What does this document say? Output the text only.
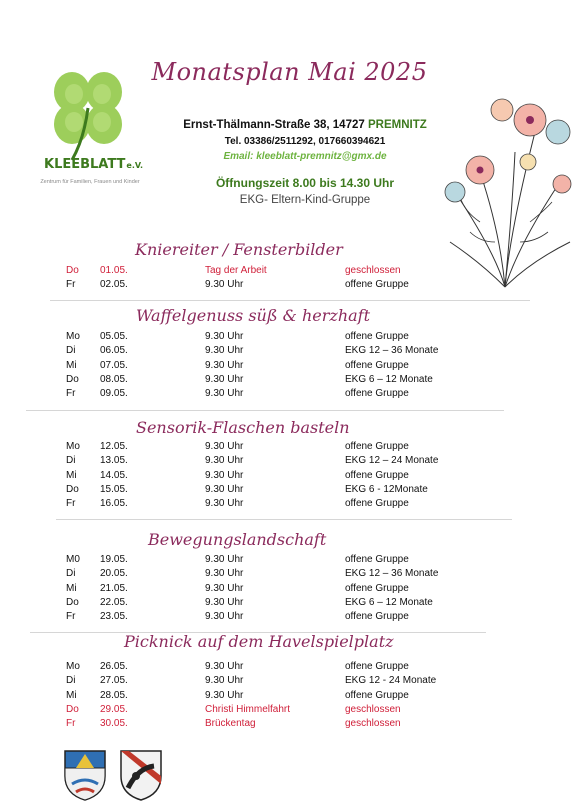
KLEEBLATTe.V.
Zentrum für Familien, Frauen und Kinder
Monatsplan Mai 2025
Ernst-Thälmann-Straße 38, 14727 PREMNITZ
Tel. 03386/2511292, 017660394621
Email: kleeblatt-premnitz@gmx.de
Öffnungszeit 8.00 bis 14.30 Uhr
EKG- Eltern-Kind-Gruppe
Kniereiter / Fensterbilder
Do 01.05.	Tag der Arbeit	geschlossen
Fr 02.05.	9.30 Uhr	offene Gruppe
Waffelgenuss süß & herzhaft
Mo 05.05.	9.30 Uhr	offene Gruppe
Di 06.05.	9.30 Uhr	EKG 12 – 36 Monate
Mi 07.05.	9.30 Uhr	offene Gruppe
Do 08.05.	9.30 Uhr	EKG 6 – 12 Monate
Fr 09.05.	9.30 Uhr	offene Gruppe
Sensorik-Flaschen basteln
Mo 12.05.	9.30 Uhr	offene Gruppe
Di 13.05.	9.30 Uhr	EKG 12 – 24 Monate
Mi 14.05.	9.30 Uhr	offene Gruppe
Do 15.05.	9.30 Uhr	EKG 6 - 12Monate
Fr 16.05.	9.30 Uhr	offene Gruppe
Bewegungslandschaft
M0 19.05.	9.30 Uhr	offene Gruppe
Di 20.05.	9.30 Uhr	EKG 12 – 36 Monate
Mi 21.05.	9.30 Uhr	offene Gruppe
Do 22.05.	9.30 Uhr	EKG 6 – 12 Monate
Fr 23.05.	9.30 Uhr	offene Gruppe
Picknick auf dem Havelspielplatz
Mo 26.05.	9.30 Uhr	offene Gruppe
Di 27.05.	9.30 Uhr	EKG 12 - 24 Monate
Mi 28.05.	9.30 Uhr	offene Gruppe
Do 29.05.	Christi Himmelfahrt	geschlossen
Fr 30.05.	Brückentag	geschlossen
